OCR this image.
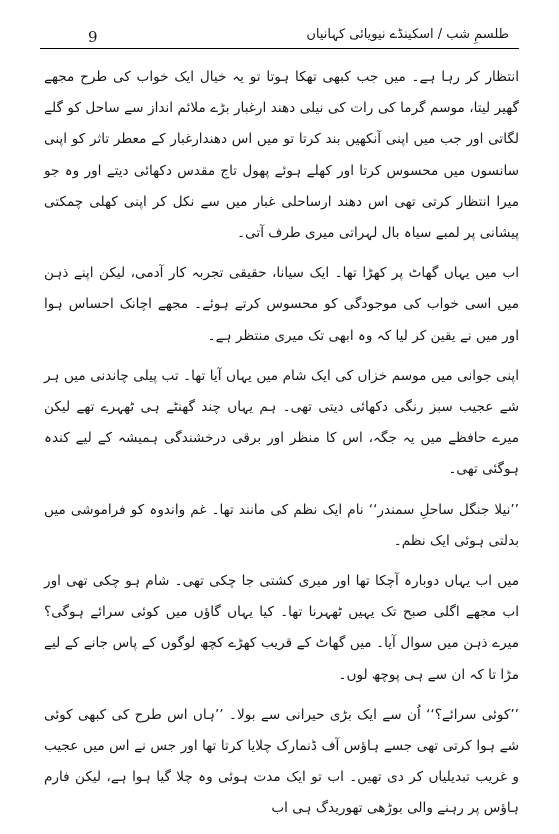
9	طلسمِ شب / اسکینڈے نیویائی کہانیاں

انتظار کر رہا ہے۔ میں جب کبھی تھکا ہوتا تو یہ خیال ایک خواب کی طرح مجھے گھیر لیتا، موسم گرما کی رات کی نیلی دھند ارغبار بڑے ملائم انداز سے ساحل کو گلے لگاتی اور جب میں اپنی آنکھیں بند کرتا تو میں اس دھندارغبار کے معطر تاثر کو اپنی سانسوں میں محسوس کرتا اور کھلے ہوئے پھول تاج مقدس دکھائی دیتے اور وہ جو میرا انتظار کرتی تھی اس دھند ارساحلی غبار میں سے نکل کر اپنی کھلی چمکتی پیشانی پر لمبے سیاہ بال لہراتی میری طرف آتی۔

اب میں یہاں گھاٹ پر کھڑا تھا۔ ایک سیانا، حقیقی تجربہ کار آدمی، لیکن اپنے ذہن میں اسی خواب کی موجودگی کو محسوس کرتے ہوئے۔ مجھے اچانک احساس ہوا اور میں نے یقین کر لیا کہ وہ ابھی تک میری منتظر ہے۔

اپنی جوانی میں موسم خزاں کی ایک شام میں یہاں آیا تھا۔ تب پیلی چاندنی میں ہر شے عجیب سبز رنگی دکھائی دیتی تھی۔ ہم یہاں چند گھنٹے ہی ٹھہرے تھے لیکن میرے حافظے میں یہ جگہ، اس کا منظر اور برقی درخشندگی ہمیشہ کے لیے کندہ ہوگئی تھی۔

’’نیلا جنگل ساحلِ سمندر‘‘ نام ایک نظم کی مانند تھا۔ غم واندوہ کو فراموشی میں بدلتی ہوئی ایک نظم۔

میں اب یہاں دوبارہ آچکا تھا اور میری کشتی جا چکی تھی۔ شام ہو چکی تھی اور اب مجھے اگلی صبح تک یہیں ٹھہرنا تھا۔ کیا یہاں گاؤں میں کوئی سرائے ہوگی؟ میرے ذہن میں سوال آیا۔ میں گھاٹ کے قریب کھڑے کچھ لوگوں کے پاس جانے کے لیے مڑا تا کہ ان سے ہی پوچھ لوں۔

’’کوئی سرائے؟‘‘ اُن سے ایک بڑی حیرانی سے بولا۔ ’’ہاں اس طرح کی کبھی کوئی شے ہوا کرتی تھی جسے ہاؤس آف ڈنمارک چلایا کرتا تھا اور جس نے اس میں عجیب و غریب تبدیلیاں کر دی تھیں۔ اب تو ایک مدت ہوئی وہ چلا گیا ہوا ہے، لیکن فارم ہاؤس پر رہنے والی بوڑھی تھوریدگ ہی اب
